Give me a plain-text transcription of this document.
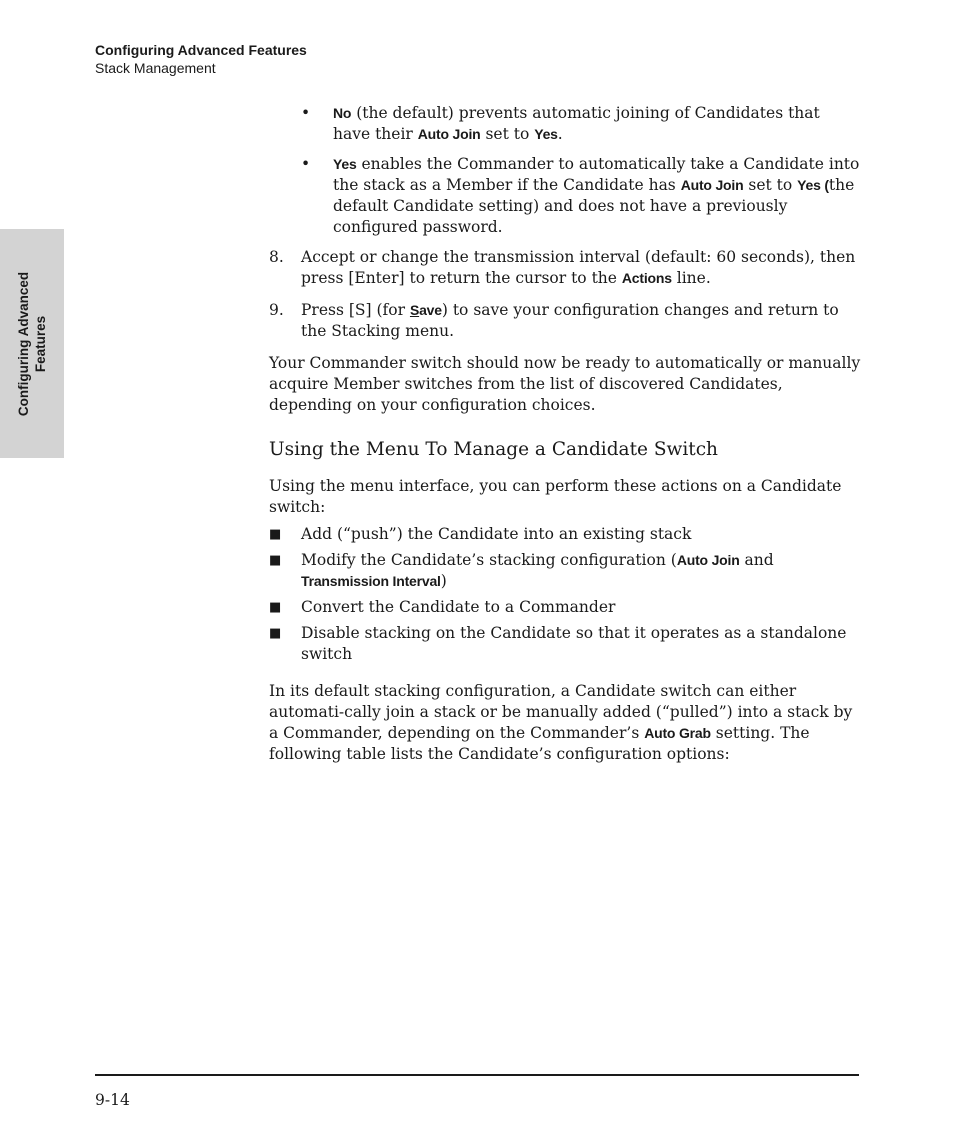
Configuring Advanced Features
Stack Management
Configuring Advanced Features
• No (the default) prevents automatic joining of Candidates that have their Auto Join set to Yes.
• Yes enables the Commander to automatically take a Candidate into the stack as a Member if the Candidate has Auto Join set to Yes (the default Candidate setting) and does not have a previously configured password.
8. Accept or change the transmission interval (default: 60 seconds), then press [Enter] to return the cursor to the Actions line.
9. Press [S] (for Save) to save your configuration changes and return to the Stacking menu.

Your Commander switch should now be ready to automatically or manually acquire Member switches from the list of discovered Candidates, depending on your configuration choices.

Using the Menu To Manage a Candidate Switch

Using the menu interface, you can perform these actions on a Candidate switch:

■ Add (“push”) the Candidate into an existing stack
■ Modify the Candidate’s stacking configuration (Auto Join and Transmission Interval)
■ Convert the Candidate to a Commander
■ Disable stacking on the Candidate so that it operates as a standalone switch

In its default stacking configuration, a Candidate switch can either automati-cally join a stack or be manually added (“pulled”) into a stack by a Commander, depending on the Commander’s Auto Grab setting. The following table lists the Candidate’s configuration options:

9-14
